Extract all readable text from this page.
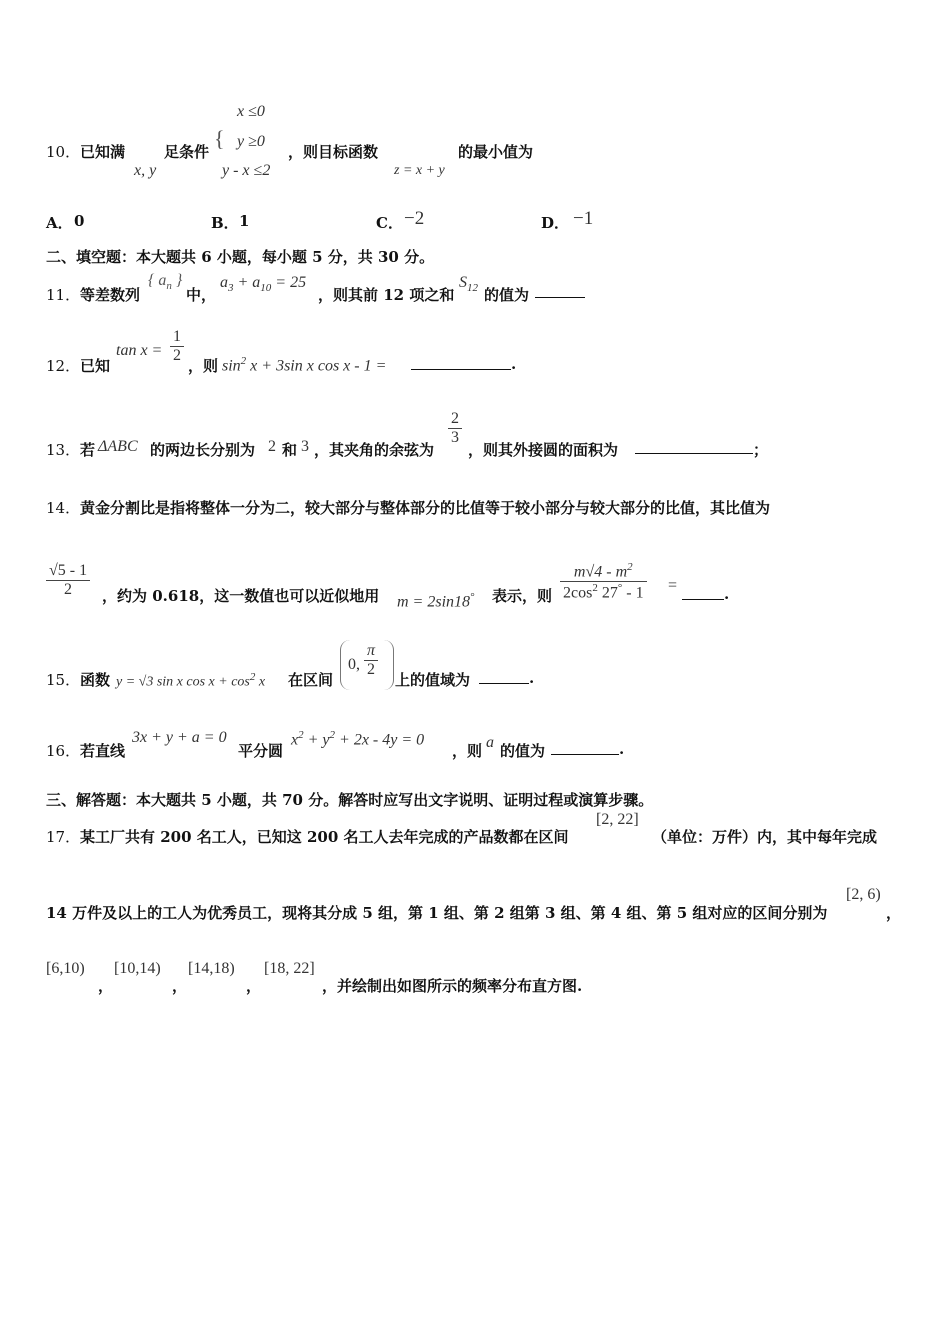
x ≤0
10． 已知满	足条件
{ y ≥0
，则目标函数	的最小值为
x, y	y - x ≤2	z = x + y
A． 0	B． 1	C． −2	D． −1
二、填空题：本大题共 6 小题，每小题 5 分，共 30 分。
11． 等差数列
{ $a_n$ }
中，
$a_3 + a_{10} = 25$
，则其前 12 项之和
$S_{12}$ 的值为
12． 已知
$\tan x = \frac{1}{2}$
，则 $\sin^2 x + 3\sin$ x cos x - 1 =	.
13． 若 ΔABC 的两边长分别为 2 和 3 ，其夹角的余弦为
$\frac{2}{3}$
，则其外接圆的面积为	；
14． 黄金分割比是指将整体一分为二，较大部分与整体部分的比值等于较小部分与较大部分的比值，其比值为
$\frac{√5 - 1}{2}$ ，约为 0.618，这一数值也可以近似地用 m = 2sin18° 表示，则 $\frac{m√4 - m^2}{2\cos^2 27^\circ - 1}$ =	.
15． 函数 y = √3 sin x $\cos x + \cos^2 x$ 在区间
0, $\frac{\pi}{2}$
上的值域为	.
16． 若直线
3x + y + a = 0
平分圆
$x^2 + y^2 + 2x - 4y = 0$
，则 a 的值为	.
三、解答题：本大题共 5 小题，共 70 分。解答时应写出文字说明、证明过程或演算步骤。
17． 某工厂共有 200 名工人，已知这 200 名工人去年完成的产品数都在区间
[2, 22]
（单位：万件）内，其中每年完成
14 万件及以上的工人为优秀员工，现将其分成 5 组，第 1 组、第 2 组第 3 组、第 4 组、第 5 组对应的区间分别为
[2, 6)
，
[6,10)
，
[10,14)
，
[14,18)
，
[18, 22]
，并绘制出如图所示的频率分布直方图.
